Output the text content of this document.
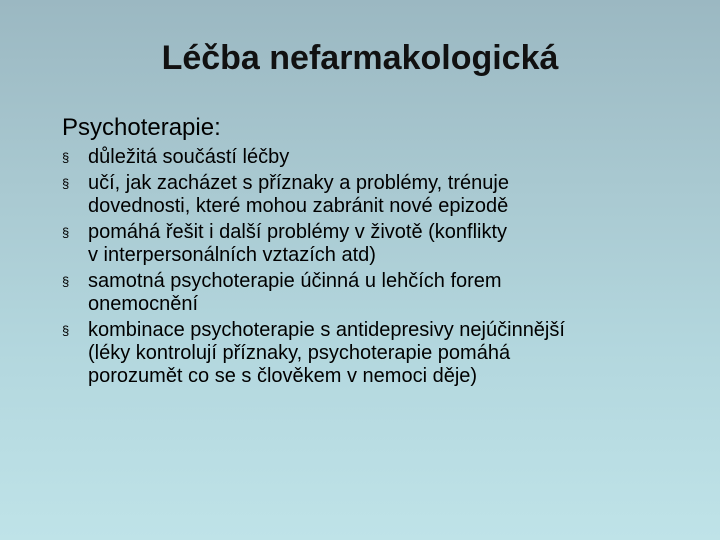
Léčba nefarmakologická
Psychoterapie:
§ důležitá součástí léčby
§ učí, jak zacházet s příznaky a problémy, trénuje
dovednosti, které mohou zabránit nové epizodě
§ pomáhá řešit i další problémy v životě (konflikty
v interpersonálních vztazích atd)
§ samotná psychoterapie účinná u lehčích forem
onemocnění
§ kombinace psychoterapie s antidepresivy nejúčinnější
(léky kontrolují příznaky, psychoterapie pomáhá
porozumět co se s člověkem v nemoci děje)
